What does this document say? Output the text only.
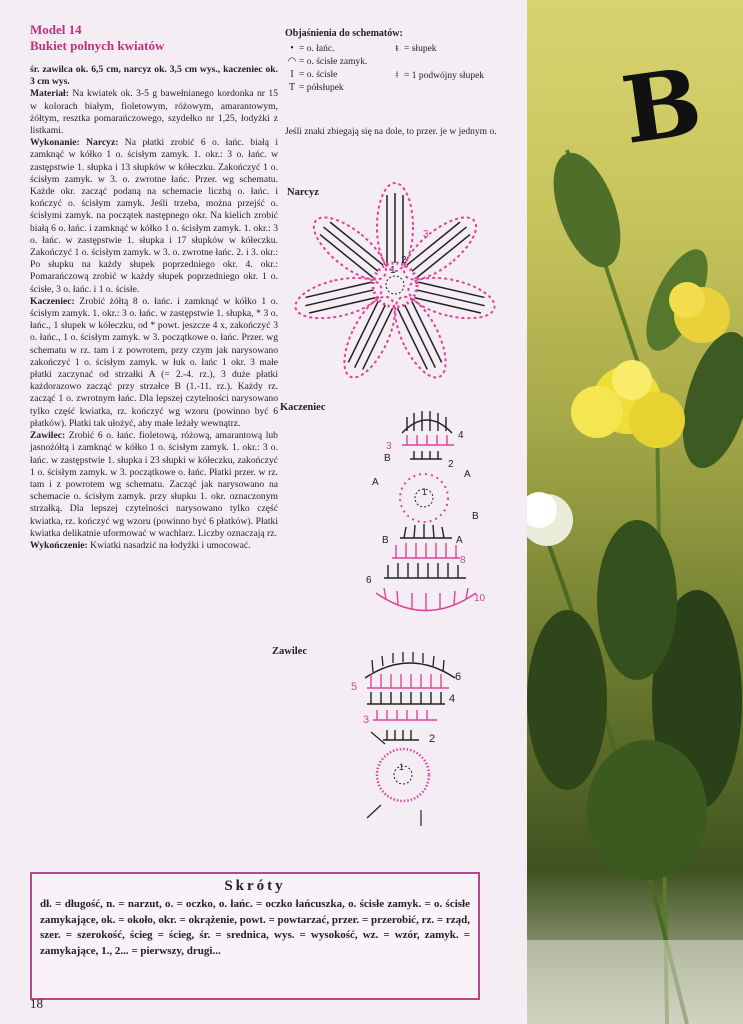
Model 14

Bukiet polnych kwiatów

śr. zawilca ok. 6,5 cm, narcyz ok. 3,5 cm wys., kaczeniec ok. 3 cm wys.

Materiał: Na kwiatek ok. 3-5 g bawełnianego kordonka nr 15 w kolorach białym, fioletowym, różowym, amarantowym, żółtym, resztka pomarańczowego, szydełko nr 1,25, łodyżki z listkami.

Wykonanie: Narcyz: Na płatki zrobić 6 o. łańc. białą i zamknąć w kółko 1 o. ścisłym zamyk. 1. okr.: 3 o. łańc. w zastępstwie 1. słupka i 13 słupków w kółeczku. Zakończyć 1 o. ścisłym zamyk. w 3. o. zwrotne łańc. Przer. wg schematu. Każde okr. zacząć podaną na schemacie liczbą o. łańc. i kończyć o. ścisłym zamyk. Jeśli trzeba, można przejść o. ścisłymi zamyk. na początek następnego okr. Na kielich zrobić białą 6 o. łańc. i zamknąć w kółko 1 o. ścisłym zamyk. 1. okr.: 3 o. łańc. w zastępstwie 1. słupka i 17 słupków w kółeczku. Zakończyć 1 o. ścisłym zamyk. w 3. o. zwrotne łańc. 2. i 3. okr.: Po słupku na każdy słupek poprzedniego okr. 4. okr.: Pomarańczową zrobić w każdy słupek poprzedniego okr. 1 o. ścisłe, 3 o. łańc. i 1 o. ścisłe.

Kaczeniec: Zrobić żółtą 8 o. łańc. i zamknąć w kółko 1 o. ścisłym zamyk. 1. okr.: 3 o. łańc. w zastępstwie 1. słupka, * 3 o. łańc., 1 słupek w kółeczku, od * powt. jeszcze 4 x, zakończyć 3 o. łańc., 1 o. ścisłym zamyk. w 3. początkowe o. łańc. Przer. wg schematu w rz. tam i z powrotem, przy czym jak narysowano zakończyć 1 o. ścisłym zamyk. w łuk o. łańc 1 okr. 3 małe płatki zaczynać od strzałki A (= 2.-4. rz.), 3 duże płatki każdorazowo zacząć przy strzałce B (1.-11. rz.). Każdy rz. zacząć 1 o. zwrotnym łańc. Dla lepszej czytelności narysowano tylko część kwiatka, rz. kończyć wg wzoru (powinno być 6 płatków). Płatki tak ułożyć, aby małe leżały wewnątrz.

Zawilec: Zrobić 6 o. łańc. fioletową, różową, amarantową lub jasnożółtą i zamknąć w kółko 1 o. ścisłym zamyk. 1. okr.: 3 o. łańc. w zastępstwie 1. słupka i 23 słupki w kółeczku, zakończyć 1 o. ścisłym zamyk. w 3. początkowe o. łańc. Płatki przer. w rz. tam i z powrotem wg schematu. Zacząć jak narysowano na schemacie o. ścisłym zamyk. przy słupku 1. okr. oznaczonym strzałką. Dla lepszej czytelności narysowano tylko część kwiatka, rz. kończyć wg wzoru (powinno być 6 płatków). Płatki kwiatka delikatnie uformować w wachlarz. Liczby oznaczają rz.

Wykończenie: Kwiatki nasadzić na łodyżki i umocować.

Objaśnienia do schematów:
• = o. łańc.
◠ = o. ścisłe zamyk.
I = o. ścisłe
T = półsłupek
ŧ = słupek
ǂ = 1 podwójny słupek
Jeśli znaki zbiegają się na dole, to przer. je w jednym o.
Narcyz
Kaczeniec
Zawilec
1
2
3
4
3
2
1
B
A
A
B
A
B
8
6
10
6
5
4
3
2
1
B
Skróty
dł. = długość, n. = narzut, o. = oczko, o. łańc. = oczko łańcuszka, o. ścisłe zamyk. = o. ścisłe zamykające, ok. = około, okr. = okrążenie, powt. = powtarzać, przer. = przerobić, rz. = rząd, szer. = szerokość, ścieg = ścieg, śr. = srednica, wys. = wysokość, wz. = wzór, zamyk. = zamykające, 1., 2... = pierwszy, drugi...
18
